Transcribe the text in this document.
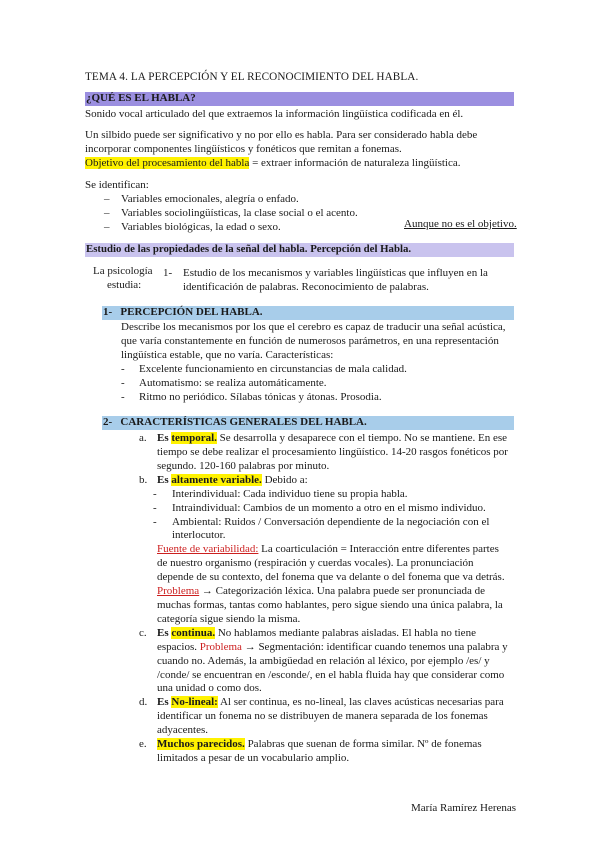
TEMA 4. LA PERCEPCIÓN Y EL RECONOCIMIENTO DEL HABLA.
¿QUÉ ES EL HABLA?
Sonido vocal articulado del que extraemos la información lingüística codificada en él.
Un silbido puede ser significativo y no por ello es habla. Para ser considerado habla debe
incorporar componentes lingüísticos y fonéticos que remitan a fonemas.
Objetivo del procesamiento del habla = extraer información de naturaleza lingüística.
Se identifican:
– Variables emocionales, alegría o enfado.
– Variables sociolingüísticas, la clase social o el acento.
– Variables biológicas, la edad o sexo.	Aunque no es el objetivo.
Estudio de las propiedades de la señal del habla. Percepción del Habla.
La psicología
estudia:
1- Estudio de los mecanismos y variables lingüísticas que influyen en la
identificación de palabras. Reconocimiento de palabras.
1-   PERCEPCIÓN DEL HABLA.
Describe los mecanismos por los que el cerebro es capaz de traducir una señal acústica,
que varía constantemente en función de numerosos parámetros, en una representación
lingüística estable, que no varía. Características:
- Excelente funcionamiento en circunstancias de mala calidad.
- Automatismo: se realiza automáticamente.
- Ritmo no periódico. Sílabas tónicas y átonas. Prosodia.
2-   CARACTERÍSTICAS GENERALES DEL HABLA.
a. Es temporal. Se desarrolla y desaparece con el tiempo. No se mantiene. En ese
tiempo se debe realizar el procesamiento lingüístico. 14-20 rasgos fonéticos por
segundo. 120-160 palabras por minuto.
b. Es altamente variable. Debido a:
- Interindividual: Cada individuo tiene su propia habla.
- Intraindividual: Cambios de un momento a otro en el mismo individuo.
- Ambiental: Ruidos / Conversación dependiente de la negociación con el
interlocutor.
Fuente de variabilidad: La coarticulación = Interacción entre diferentes partes
de nuestro organismo (respiración y cuerdas vocales). La pronunciación
depende de su contexto, del fonema que va delante o del fonema que va detrás.
Problema → Categorización léxica. Una palabra puede ser pronunciada de
muchas formas, tantas como hablantes, pero sigue siendo una única palabra, la
categoría sigue siendo la misma.
c. Es continua. No hablamos mediante palabras aisladas. El habla no tiene
espacios. Problema → Segmentación: identificar cuando tenemos una palabra y
cuando no. Además, la ambigüedad en relación al léxico, por ejemplo /es/ y
/conde/ se encuentran en /esconde/, en el habla fluida hay que considerar como
una unidad o como dos.
d. Es No-lineal: Al ser continua, es no-lineal, las claves acústicas necesarias para
identificar un fonema no se distribuyen de manera separada de los fonemas
adyacentes.
e. Muchos parecidos. Palabras que suenan de forma similar. Nº de fonemas
limitados a pesar de un vocabulario amplio.
María Ramírez Herenas
